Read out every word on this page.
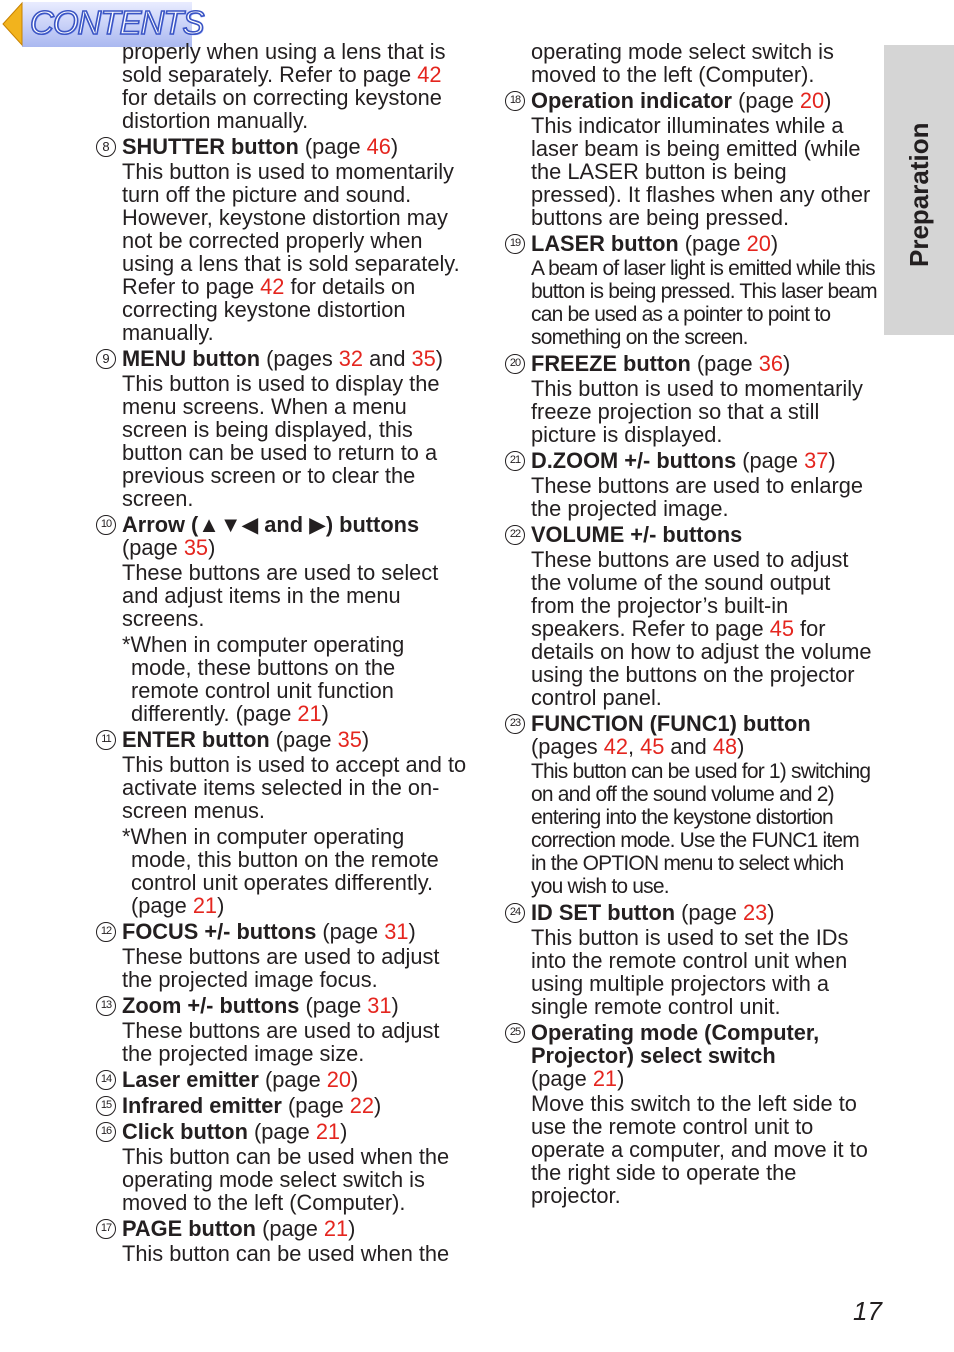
CONTENTS
Preparation
properly when using a lens that is sold separately. Refer to page 42 for details on correcting keystone distortion manually.
8 SHUTTER button (page 46)
This button is used to momentarily turn off the picture and sound. However, keystone distortion may not be corrected properly when using a lens that is sold separately. Refer to page 42 for details on correcting keystone distortion manually.
9 MENU button (pages 32 and 35)
This button is used to display the menu screens. When a menu screen is being displayed, this button can be used to return to a previous screen or to clear the screen.
10 Arrow (▲▼◀ and ▶) buttons
(page 35)
These buttons are used to select and adjust items in the menu screens.
*When in computer operating mode, these buttons on the remote control unit function differently. (page 21)
11 ENTER button (page 35)
This button is used to accept and to activate items selected in the on-screen menus.
*When in computer operating mode, this button on the remote control unit operates differently. (page 21)
12 FOCUS +/- buttons (page 31)
These buttons are used to adjust the projected image focus.
13 Zoom +/- buttons (page 31)
These buttons are used to adjust the projected image size.
14 Laser emitter (page 20)
15 Infrared emitter (page 22)
16 Click button (page 21)
This button can be used when the operating mode select switch is moved to the left (Computer).
17 PAGE button (page 21)
This button can be used when the
operating mode select switch is moved to the left (Computer).
18 Operation indicator (page 20)
This indicator illuminates while a laser beam is being emitted (while the LASER button is being pressed). It flashes when any other buttons are being pressed.
19 LASER button (page 20)
A beam of laser light is emitted while this button is being pressed. This laser beam can be used as a pointer to point to something on the screen.
20 FREEZE button (page 36)
This button is used to momentarily freeze projection so that a still picture is displayed.
21 D.ZOOM +/- buttons (page 37)
These buttons are used to enlarge the projected image.
22 VOLUME +/- buttons
These buttons are used to adjust the volume of the sound output from the projector’s built-in speakers. Refer to page 45 for details on how to adjust the volume using the buttons on the projector control panel.
23 FUNCTION (FUNC1) button
(pages 42, 45 and 48)
This button can be used for 1) switching on and off the sound volume and 2) entering into the keystone distortion correction mode. Use the FUNC1 item in the OPTION menu to select which you wish to use.
24 ID SET button (page 23)
This button is used to set the IDs into the remote control unit when using multiple projectors with a single remote control unit.
25 Operating mode (Computer, Projector) select switch
(page 21)
Move this switch to the left side to use the remote control unit to operate a computer, and move it to the right side to operate the projector.
17
